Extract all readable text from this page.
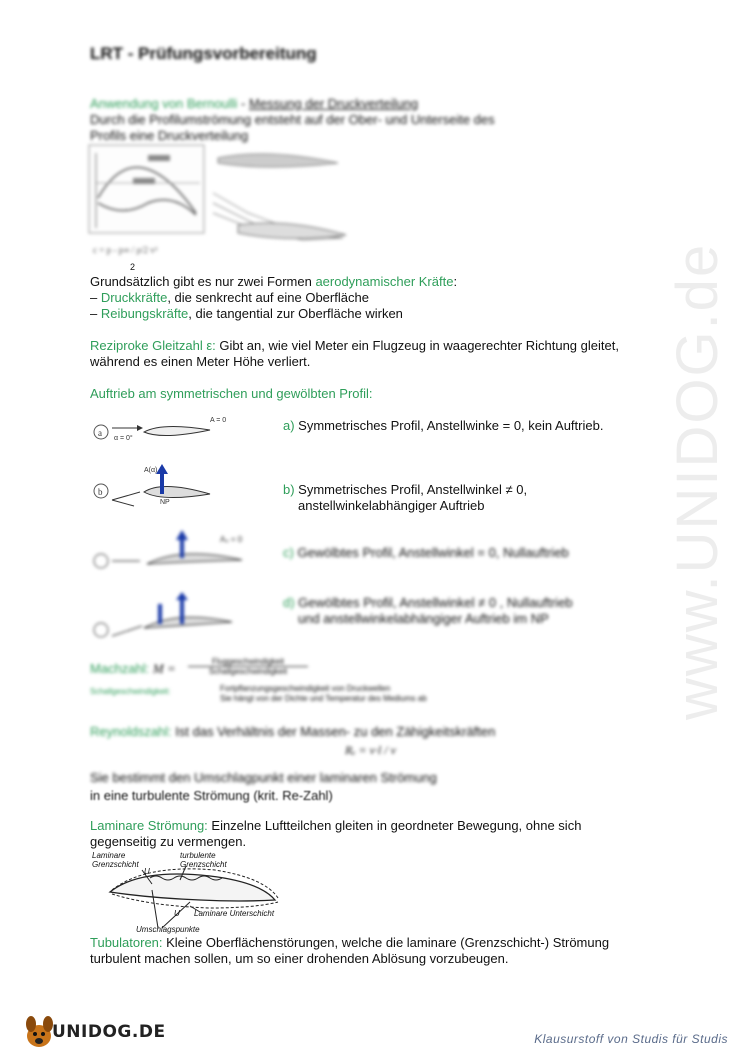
www.UNIDOG.de
LRT - Prüfungsvorbereitung
Anwendung von Bernoulli - Messung der Druckverteilung
Durch die Profilumströmung entsteht auf der Ober- und Unterseite des
Profils eine Druckverteilung
c = p - p∞ / ρ/2 v²
2
Grundsätzlich gibt es nur zwei Formen aerodynamischer Kräfte:
– Druckkräfte, die senkrecht auf eine Oberfläche
– Reibungskräfte, die tangential zur Oberfläche wirken
Reziproke Gleitzahl ε: Gibt an, wie viel Meter ein Flugzeug in waagerechter Richtung gleitet,
während es einen Meter Höhe verliert.
Auftrieb am symmetrischen und gewölbten Profil:
a
α = 0°
A = 0	a) Symmetrisches Profil, Anstellwinke = 0, kein Auftrieb.
b
A(α)
NP
b) Symmetrisches Profil, Anstellwinkel ≠ 0,
anstellwinkelabhängiger Auftrieb
A₀ = 0
c) Gewölbtes Profil, Anstellwinkel = 0, Nullauftrieb
d) Gewölbtes Profil, Anstellwinkel ≠ 0 , Nullauftrieb
und anstellwinkelabhängiger Auftrieb im NP
Machzahl: M =	Fluggeschwindigkeit
Schallgeschwindigkeit
Schallgeschwindigkeit:	Fortpflanzungsgeschwindigkeit von Druckwellen
Sie hängt von der Dichte und Temperatur des Mediums ab
Reynoldszahl: Ist das Verhältnis der Massen- zu den Zähigkeitskräften
Rₑ = v·l / ν
Sie bestimmt den Umschlagpunkt einer laminaren Strömung
in eine turbulente Strömung (krit. Re-Zahl)
Laminare Strömung: Einzelne Luftteilchen gleiten in geordneter Bewegung, ohne sich
gegenseitig zu vermengen.
Laminare
Grenzschicht
turbulente
Grenzschicht
U
U Laminare Unterschicht
Umschlagspunkte
Tubulatoren: Kleine Oberflächenstörungen, welche die laminare (Grenzschicht-) Strömung
turbulent machen sollen, um so einer drohenden Ablösung vorzubeugen.
UNIDOG.DE	Klausurstoff von Studis für Studis
